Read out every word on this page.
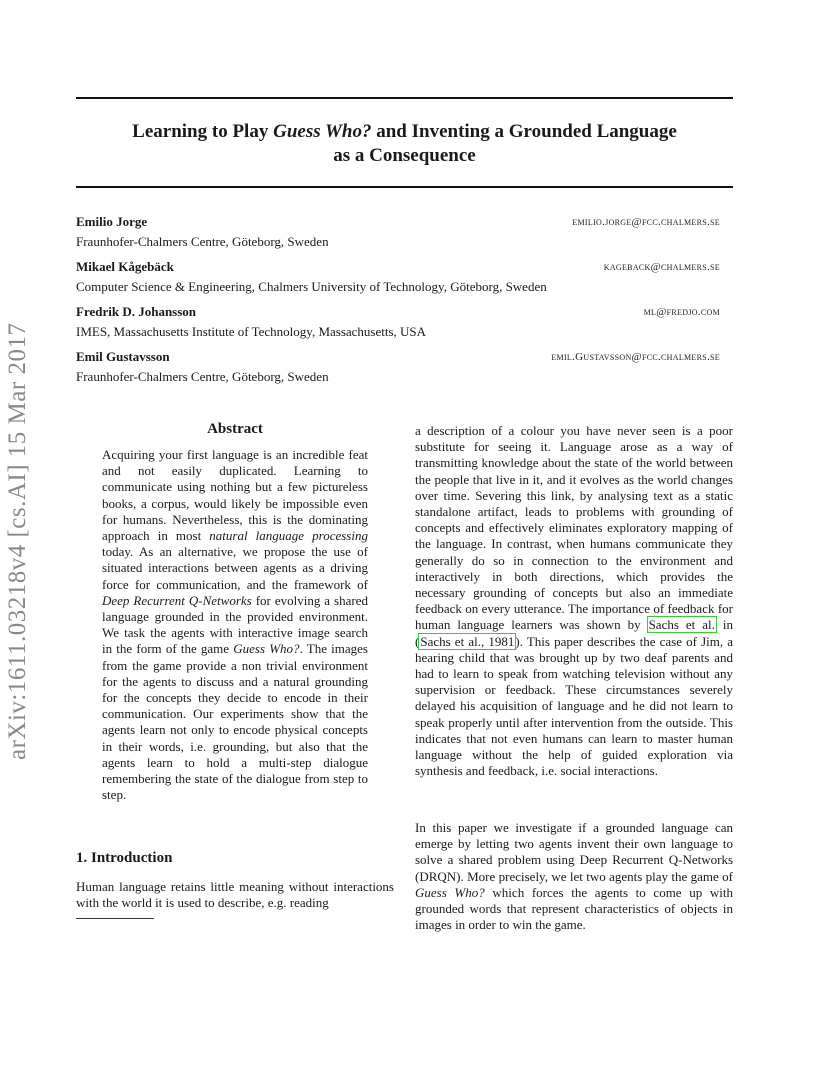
arXiv:1611.03218v4 [cs.AI] 15 Mar 2017
Learning to Play Guess Who? and Inventing a Grounded Language
as a Consequence
Emilio Jorge	emilio.jorge@fcc.chalmers.se
Fraunhofer-Chalmers Centre, Göteborg, Sweden
Mikael Kågebäck	kageback@chalmers.se
Computer Science & Engineering, Chalmers University of Technology, Göteborg, Sweden
Fredrik D. Johansson	ml@fredjo.com
IMES, Massachusetts Institute of Technology, Massachusetts, USA
Emil Gustavsson	emil.Gustavsson@fcc.chalmers.se
Fraunhofer-Chalmers Centre, Göteborg, Sweden
Abstract
Acquiring your first language is an incredible feat and not easily duplicated. Learning to communicate using nothing but a few pictureless books, a corpus, would likely be impossible even for humans. Nevertheless, this is the dominating approach in most natural language processing today. As an alternative, we propose the use of situated interactions between agents as a driving force for communication, and the framework of Deep Recurrent Q-Networks for evolving a shared language grounded in the provided environment. We task the agents with interactive image search in the form of the game Guess Who?. The images from the game provide a non trivial environment for the agents to discuss and a natural grounding for the concepts they decide to encode in their communication. Our experiments show that the agents learn not only to encode physical concepts in their words, i.e. grounding, but also that the agents learn to hold a multi-step dialogue remembering the state of the dialogue from step to step.
1. Introduction
Human language retains little meaning without interactions with the world it is used to describe, e.g. reading
a description of a colour you have never seen is a poor substitute for seeing it. Language arose as a way of transmitting knowledge about the state of the world between the people that live in it, and it evolves as the world changes over time. Severing this link, by analysing text as a static standalone artifact, leads to problems with grounding of concepts and effectively eliminates exploratory mapping of the language. In contrast, when humans communicate they generally do so in connection to the environment and interactively in both directions, which provides the necessary grounding of concepts but also an immediate feedback on every utterance. The importance of feedback for human language learners was shown by Sachs et al. in (Sachs et al., 1981). This paper describes the case of Jim, a hearing child that was brought up by two deaf parents and had to learn to speak from watching television without any supervision or feedback. These circumstances severely delayed his acquisition of language and he did not learn to speak properly until after intervention from the outside. This indicates that not even humans can learn to master human language without the help of guided exploration via synthesis and feedback, i.e. social interactions.
In this paper we investigate if a grounded language can emerge by letting two agents invent their own language to solve a shared problem using Deep Recurrent Q-Networks (DRQN). More precisely, we let two agents play the game of Guess Who? which forces the agents to come up with grounded words that represent characteristics of objects in images in order to win the game.
